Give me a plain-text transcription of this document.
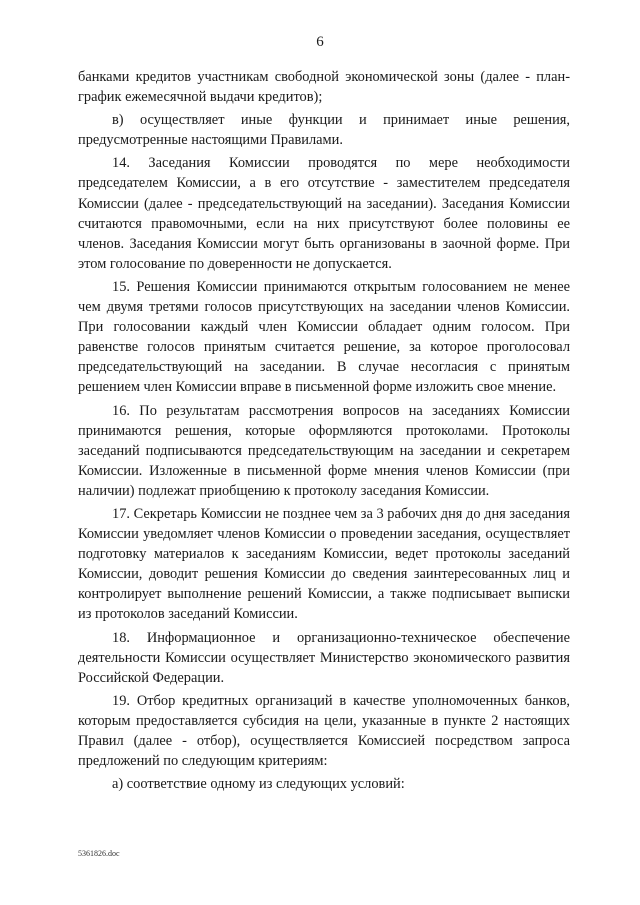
6

банками кредитов участникам свободной экономической зоны (далее - план-график ежемесячной выдачи кредитов);

в) осуществляет иные функции и принимает иные решения, предусмотренные настоящими Правилами.

14. Заседания Комиссии проводятся по мере необходимости председателем Комиссии, а в его отсутствие - заместителем председателя Комиссии (далее - председательствующий на заседании). Заседания Комиссии считаются правомочными, если на них присутствуют более половины ее членов. Заседания Комиссии могут быть организованы в заочной форме. При этом голосование по доверенности не допускается.

15. Решения Комиссии принимаются открытым голосованием не менее чем двумя третями голосов присутствующих на заседании членов Комиссии. При голосовании каждый член Комиссии обладает одним голосом. При равенстве голосов принятым считается решение, за которое проголосовал председательствующий на заседании. В случае несогласия с принятым решением член Комиссии вправе в письменной форме изложить свое мнение.

16. По результатам рассмотрения вопросов на заседаниях Комиссии принимаются решения, которые оформляются протоколами. Протоколы заседаний подписываются председательствующим на заседании и секретарем Комиссии. Изложенные в письменной форме мнения членов Комиссии (при наличии) подлежат приобщению к протоколу заседания Комиссии.

17. Секретарь Комиссии не позднее чем за 3 рабочих дня до дня заседания Комиссии уведомляет членов Комиссии о проведении заседания, осуществляет подготовку материалов к заседаниям Комиссии, ведет протоколы заседаний Комиссии, доводит решения Комиссии до сведения заинтересованных лиц и контролирует выполнение решений Комиссии, а также подписывает выписки из протоколов заседаний Комиссии.

18. Информационное и организационно-техническое обеспечение деятельности Комиссии осуществляет Министерство экономического развития Российской Федерации.

19. Отбор кредитных организаций в качестве уполномоченных банков, которым предоставляется субсидия на цели, указанные в пункте 2 настоящих Правил (далее - отбор), осуществляется Комиссией посредством запроса предложений по следующим критериям:

а) соответствие одному из следующих условий:

5361826.doc
